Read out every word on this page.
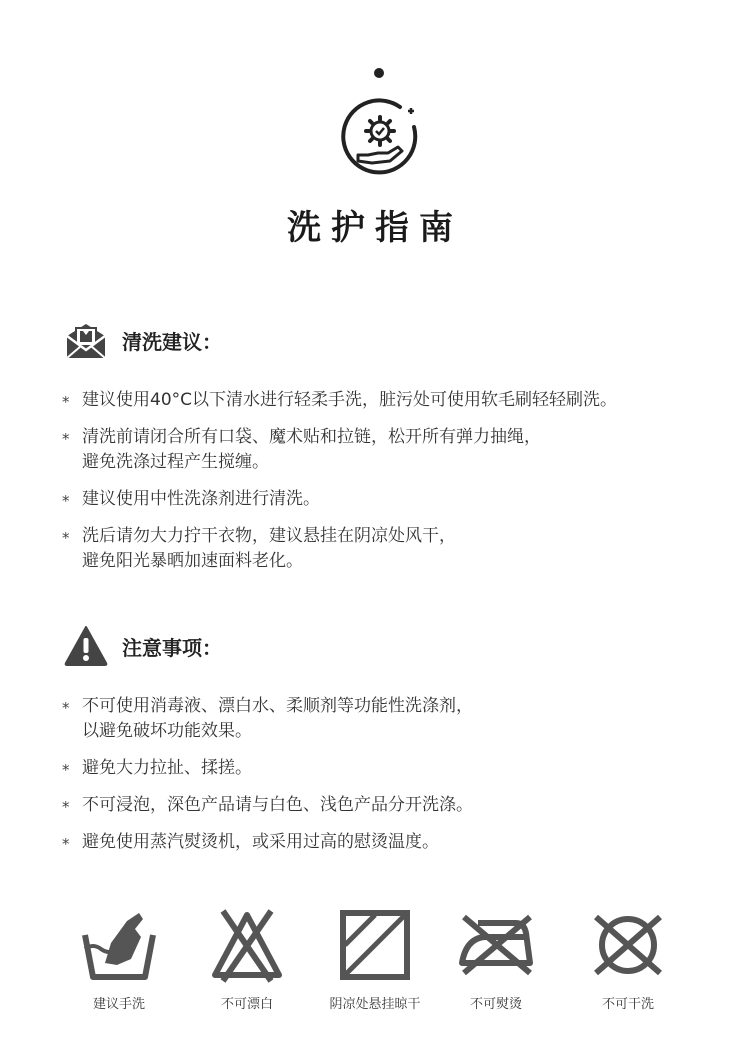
洗护指南
清洗建议：
* 建议使用40°C以下清水进行轻柔手洗，脏污处可使用软毛刷轻轻刷洗。
* 清洗前请闭合所有口袋、魔术贴和拉链，松开所有弹力抽绳，
避免洗涤过程产生搅缠。
* 建议使用中性洗涤剂进行清洗。
* 洗后请勿大力拧干衣物，建议悬挂在阴凉处风干，
避免阳光暴晒加速面料老化。
注意事项：
* 不可使用消毒液、漂白水、柔顺剂等功能性洗涤剂，
以避免破坏功能效果。
* 避免大力拉扯、揉搓。
* 不可浸泡，深色产品请与白色、浅色产品分开洗涤。
* 避免使用蒸汽熨烫机，或采用过高的慰烫温度。
建议手洗	不可漂白	阴凉处悬挂晾干	不可熨烫	不可干洗
